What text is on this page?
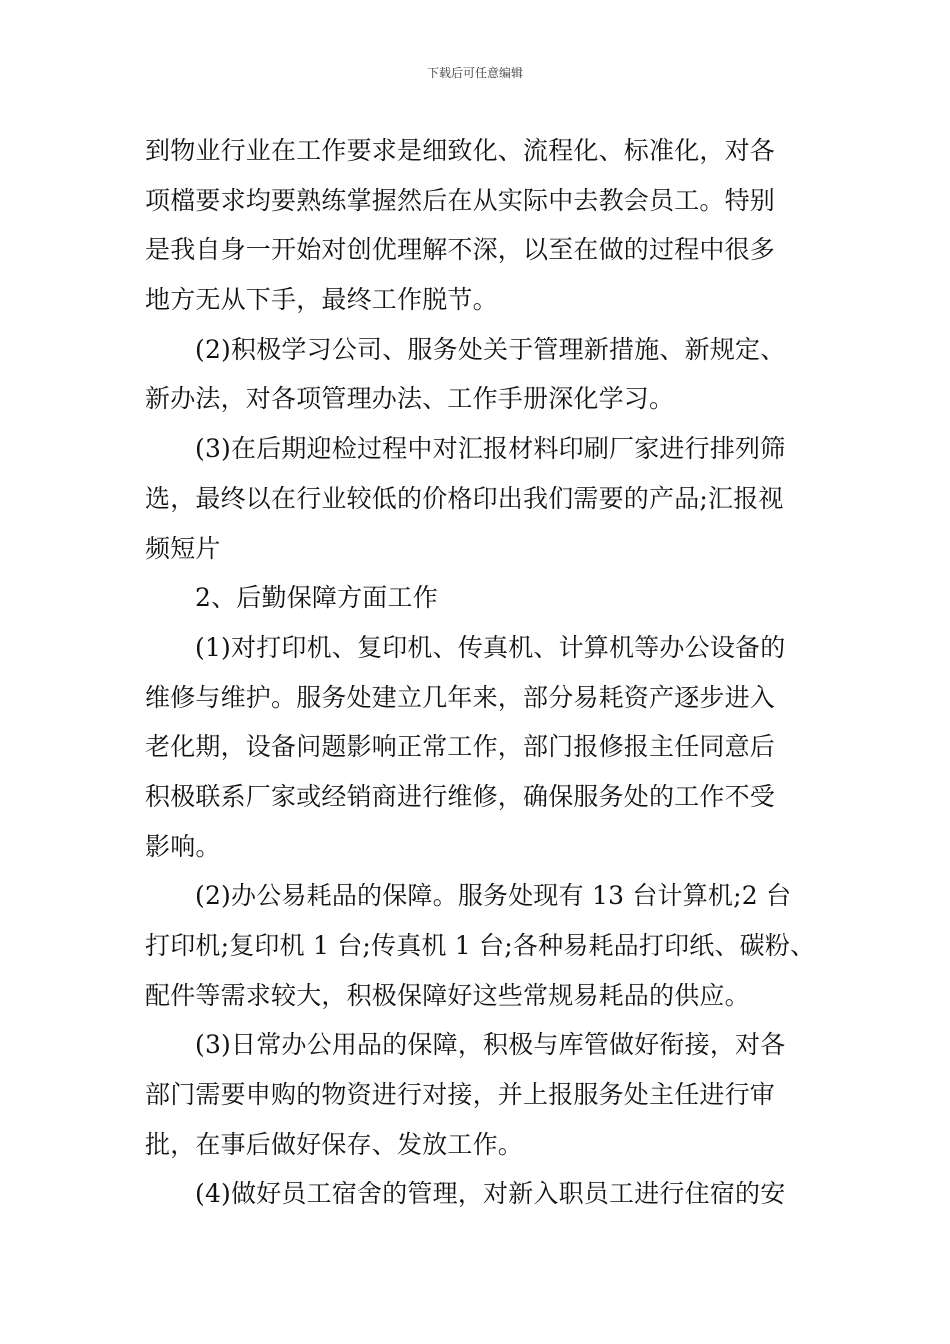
下载后可任意编辑
到物业行业在工作要求是细致化、流程化、标准化，对各
项檔要求均要熟练掌握然后在从实际中去教会员工。特别
是我自身一开始对创优理解不深，以至在做的过程中很多
地方无从下手，最终工作脱节。
(2)积极学习公司、服务处关于管理新措施、新规定、
新办法，对各项管理办法、工作手册深化学习。
(3)在后期迎检过程中对汇报材料印刷厂家进行排列筛
选，最终以在行业较低的价格印出我们需要的产品;汇报视
频短片
2、后勤保障方面工作
(1)对打印机、复印机、传真机、计算机等办公设备的
维修与维护。服务处建立几年来，部分易耗资产逐步进入
老化期，设备问题影响正常工作，部门报修报主任同意后
积极联系厂家或经销商进行维修，确保服务处的工作不受
影响。
(2)办公易耗品的保障。服务处现有 13 台计算机;2 台
打印机;复印机 1 台;传真机 1 台;各种易耗品打印纸、碳粉、
配件等需求较大，积极保障好这些常规易耗品的供应。
(3)日常办公用品的保障，积极与库管做好衔接，对各
部门需要申购的物资进行对接，并上报服务处主任进行审
批，在事后做好保存、发放工作。
(4)做好员工宿舍的管理，对新入职员工进行住宿的安
